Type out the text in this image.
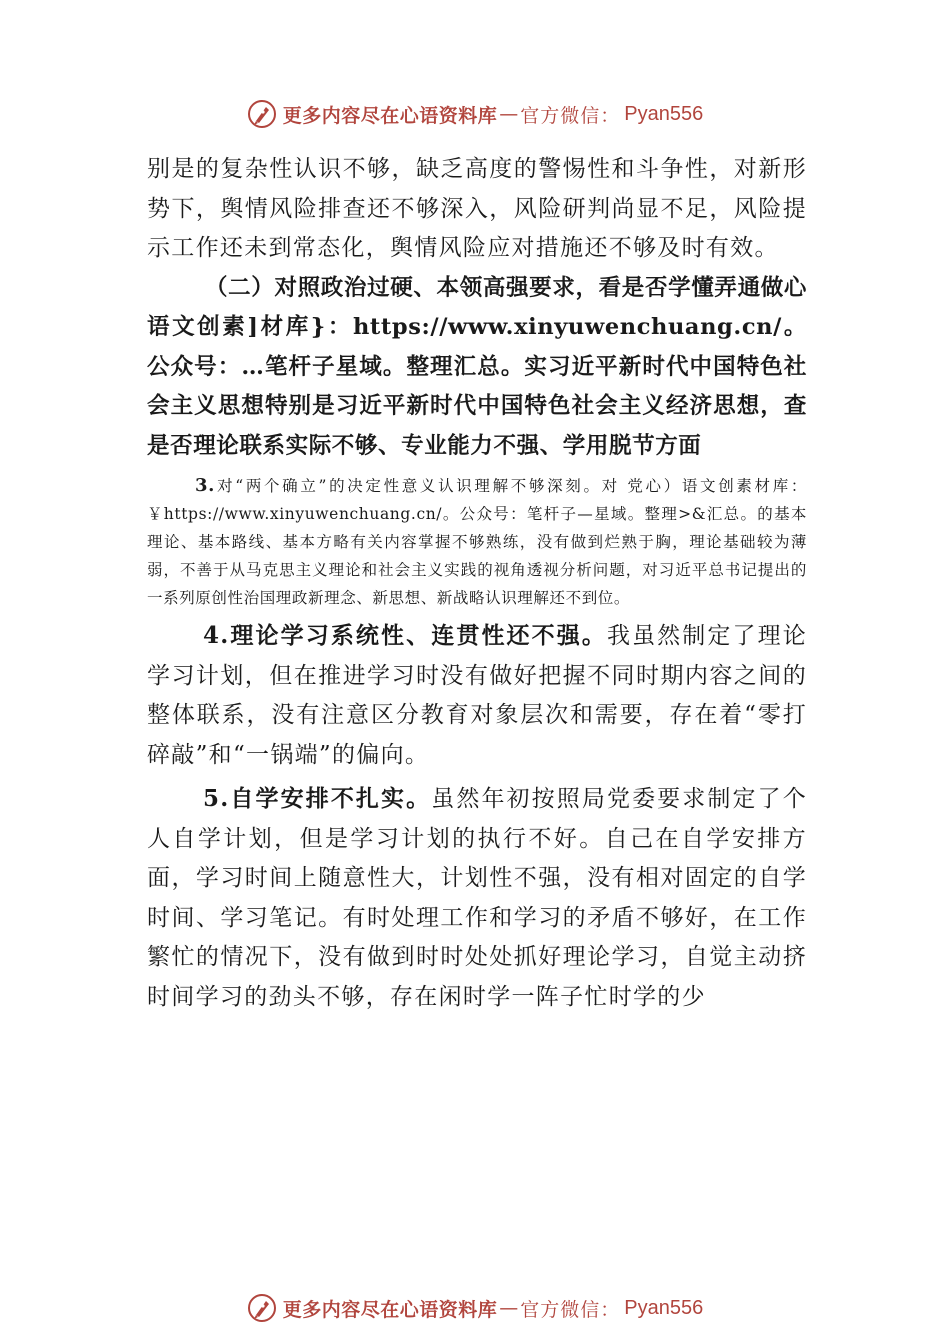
更多内容尽在心语资料库 — 官方微信： Pyan556

别是的复杂性认识不够，缺乏高度的警惕性和斗争性，对新形势下，舆情风险排查还不够深入，风险研判尚显不足，风险提示工作还未到常态化，舆情风险应对措施还不够及时有效。

（二）对照政治过硬、本领高强要求，看是否学懂弄通做心语文创素]材库}：https://www.xinyuwenchuang.cn/。公众号：…笔杆子星域。整理汇总。实习近平新时代中国特色社会主义思想特别是习近平新时代中国特色社会主义经济思想，查是否理论联系实际不够、专业能力不强、学用脱节方面

3.对“两个确立”的决定性意义认识理解不够深刻。对 党心）语文创素材库：￥https://www.xinyuwenchuang.cn/。公众号：笔杆子—星域。整理>&汇总。的基本理论、基本路线、基本方略有关内容掌握不够熟练，没有做到烂熟于胸，理论基础较为薄弱，不善于从马克思主义理论和社会主义实践的视角透视分析问题，对习近平总书记提出的一系列原创性治国理政新理念、新思想、新战略认识理解还不到位。

4.理论学习系统性、连贯性还不强。我虽然制定了理论学习计划，但在推进学习时没有做好把握不同时期内容之间的整体联系，没有注意区分教育对象层次和需要，存在着“零打碎敲”和“一锅端”的偏向。

5.自学安排不扎实。虽然年初按照局党委要求制定了个人自学计划，但是学习计划的执行不好。自己在自学安排方面，学习时间上随意性大，计划性不强，没有相对固定的自学时间、学习笔记。有时处理工作和学习的矛盾不够好，在工作繁忙的情况下，没有做到时时处处抓好理论学习，自觉主动挤时间学习的劲头不够，存在闲时学一阵子忙时学的少

更多内容尽在心语资料库 — 官方微信： Pyan556
